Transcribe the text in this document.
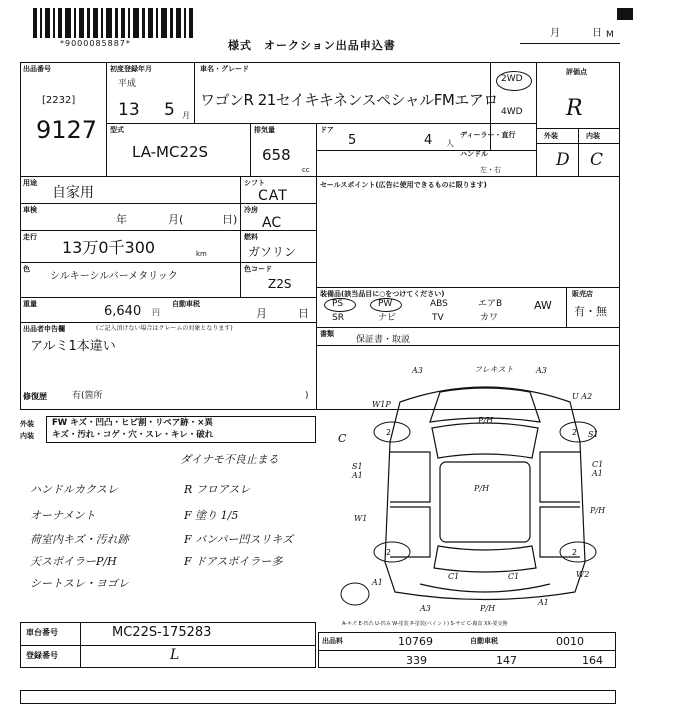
*9000085887*	様式　オークション出品申込書
月	日 M
出品番号
[2232]
9127
初度登録年月
平成
13 5 月
車名・グレード
ワゴンR 21セイキキネンスペシャルFMエアロ
2WD
4WD
評価点
R
外装	内装
D C
型式
LA-MC22S
排気量
658
cc
ドア
5	4 人
ディーラー・直行
ハンドル
左・右
用途
自家用
シフト
CAT
セールスポイント(広告に使用できるものに限ります)
車検
年	月(	日)
冷房
AC
走行
13万0千300	km
燃料
ガソリン
色
シルキーシルバーメタリック
色コード
Z2S
重量	6,640 円
自動車税
月	日
装備品(該当品目に○をつけてください)
PS	PW	ABS	エアB	AW
SR	ナビ	TV	カワ
販売店
有・無
書類
保証書・取説
出品者申告欄	(ご記入頂けない場合はクレームの対象となります)
アルミ1本違い
修復歴	有(箇所	)
外装 FW キズ・凹凸・ヒビ割・リペア跡・×異
内装 キズ・汚れ・コゲ・穴・スレ・キレ・破れ
ダイナモ不良止まる
ハンドルカクスレ	R フロアスレ
オーナメント	F 塗り 1/5
荷室内キズ・汚れ跡	F バンパー凹スリキズ
天スポイラーP/H	F ドアスポイラー多
シートスレ・ヨゴレ
2	2
2	2
A3	フレキスト	A3
W1P
U A2
C
S1 A1
C1 A1
W1
P/H
P/H
P/H
C1	C1	W2
A3	P/H
A1
A1
S1
A-キズ E-凹凸 U-凹み W-塗装 P-塗装(ペイント) S-サビ C-腐食 XX-要交換
車台番号	MC22S-175283
登録番号	L
出品料	10769	自動車税	0010
339	147	164
